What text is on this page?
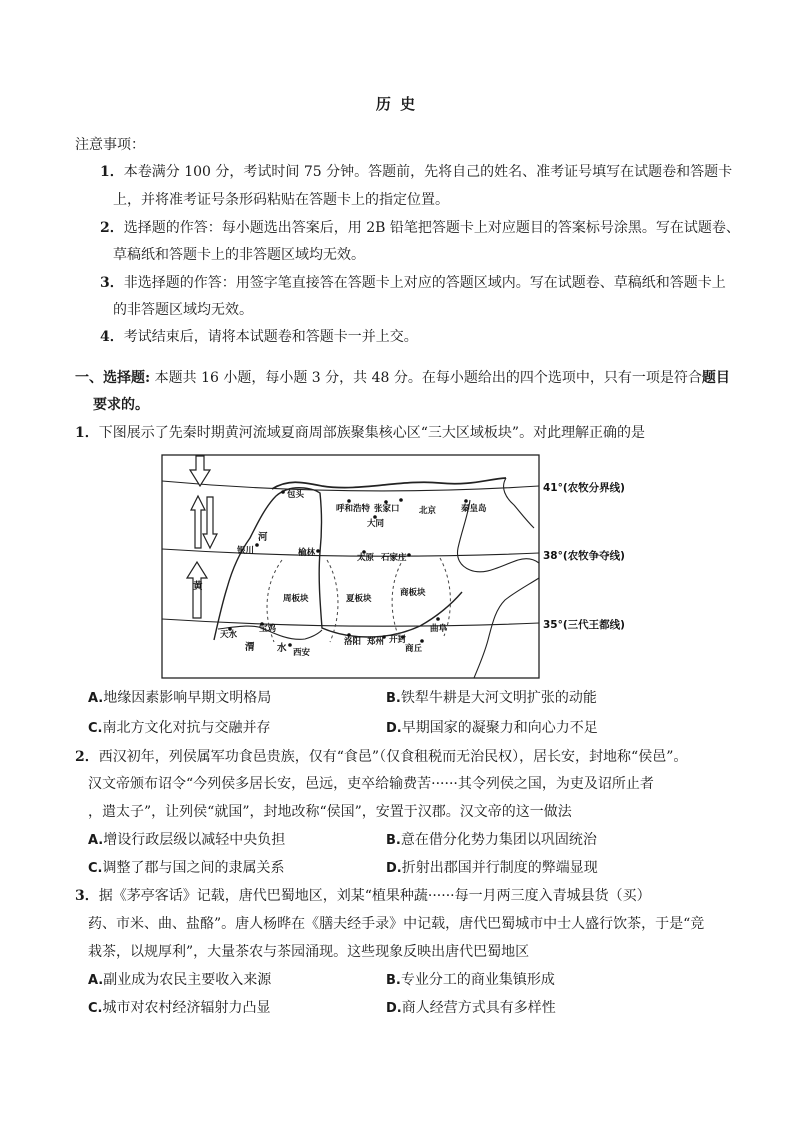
历 史
注意事项：
1．本卷满分 100 分，考试时间 75 分钟。答题前，先将自己的姓名、准考证号填写在试题卷和答题卡
上，并将准考证号条形码粘贴在答题卡上的指定位置。
2．选择题的作答：每小题选出答案后，用 2B 铅笔把答题卡上对应题目的答案标号涂黑。写在试题卷、
草稿纸和答题卡上的非答题区域均无效。
3．非选择题的作答：用签字笔直接答在答题卡上对应的答题区域内。写在试题卷、草稿纸和答题卡上
的非答题区域均无效。
4．考试结束后，请将本试题卷和答题卡一并上交。
一、选择题: 本题共 16 小题，每小题 3 分，共 48 分。在每小题给出的四个选项中，只有一项是符合题目
要求的。
1．下图展示了先秦时期黄河流域夏商周部族聚集核心区“三大区域板块”。对此理解正确的是
包头
呼和浩特 张家口 北京	秦皇岛
大同
银川	榆林	太原 石家庄
曲阜
天水
宝鸡
西安
洛阳 郑州 开封
商丘
河
黄
渭 水
周板块	夏板块
商板块
41°(农牧分界线)
38°(农牧争夺线)
35°(三代王都线)
A.地缘因素影响早期文明格局	B.铁犁牛耕是大河文明扩张的动能
C.南北方文化对抗与交融并存	D.早期国家的凝聚力和向心力不足
2．西汉初年，列侯属军功食邑贵族，仅有“食邑”（仅食租税而无治民权），居长安，封地称“侯邑”。
汉文帝颁布诏令“今列侯多居长安，邑远，吏卒给输费苦······其令列侯之国，为吏及诏所止者
，遣太子”，让列侯“就国”，封地改称“侯国”，安置于汉郡。汉文帝的这一做法
A.增设行政层级以减轻中央负担	B.意在借分化势力集团以巩固统治
C.调整了郡与国之间的隶属关系	D.折射出郡国并行制度的弊端显现
3．据《茅亭客话》记载，唐代巴蜀地区，刘某“植果种蔬······每一月两三度入青城县货（买）
药、市米、曲、盐酪”。唐人杨晔在《膳夫经手录》中记载，唐代巴蜀城市中士人盛行饮茶，于是“竞
栽茶，以规厚利”，大量茶农与茶园涌现。这些现象反映出唐代巴蜀地区
A.副业成为农民主要收入来源	B.专业分工的商业集镇形成
C.城市对农村经济辐射力凸显	D.商人经营方式具有多样性
